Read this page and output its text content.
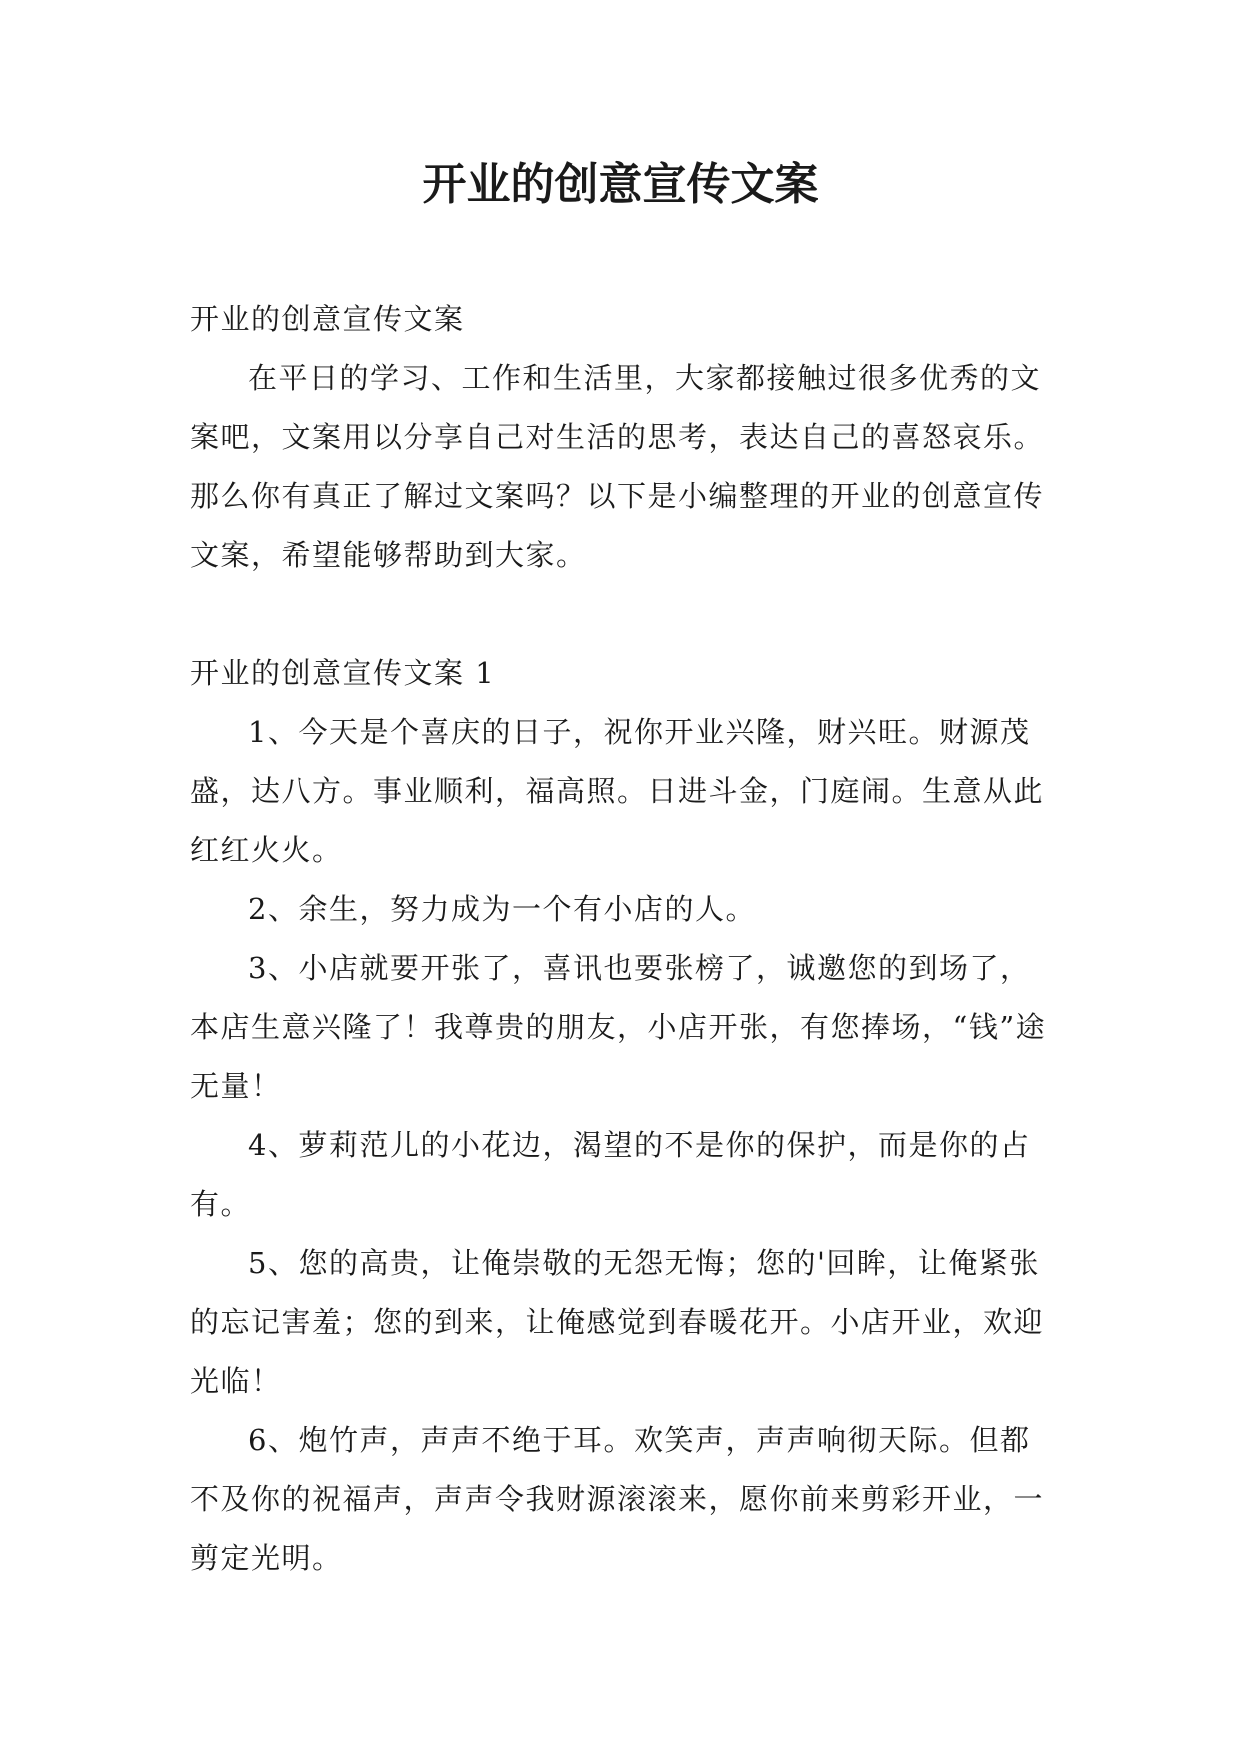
开业的创意宣传文案

开业的创意宣传文案

在平日的学习、工作和生活里，大家都接触过很多优秀的文案吧，文案用以分享自己对生活的思考，表达自己的喜怒哀乐。那么你有真正了解过文案吗？以下是小编整理的开业的创意宣传文案，希望能够帮助到大家。

开业的创意宣传文案 1

1、今天是个喜庆的日子，祝你开业兴隆，财兴旺。财源茂盛，达八方。事业顺利，福高照。日进斗金，门庭闹。生意从此红红火火。

2、余生，努力成为一个有小店的人。

3、小店就要开张了，喜讯也要张榜了，诚邀您的到场了，本店生意兴隆了！我尊贵的朋友，小店开张，有您捧场，“钱”途无量！

4、萝莉范儿的小花边，渴望的不是你的保护，而是你的占有。

5、您的高贵，让俺崇敬的无怨无悔；您的'回眸，让俺紧张的忘记害羞；您的到来，让俺感觉到春暖花开。小店开业，欢迎光临！

6、炮竹声，声声不绝于耳。欢笑声，声声响彻天际。但都不及你的祝福声，声声令我财源滚滚来，愿你前来剪彩开业，一剪定光明。
